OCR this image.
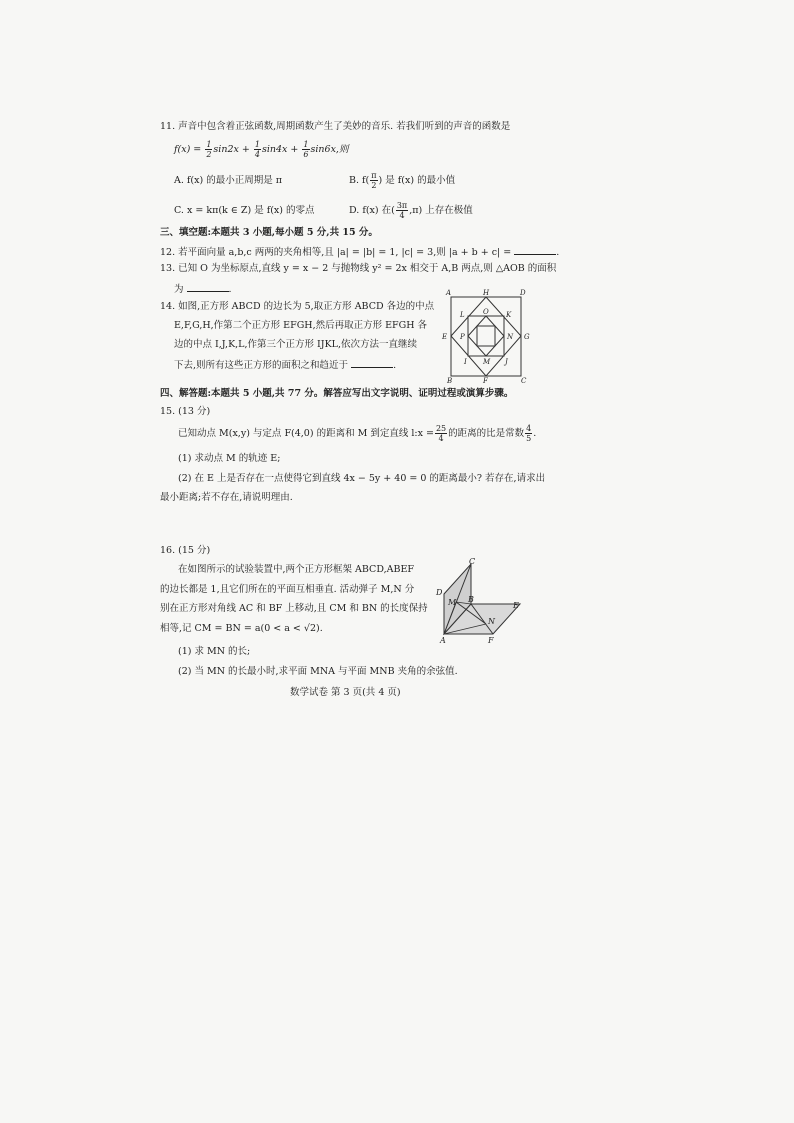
11. 声音中包含着正弦函数,周期函数产生了美妙的音乐. 若我们听到的声音的函数是
$f(x) = \frac{1}{2} \sin 2x + \frac{1}{4} \sin 4x + \frac{1}{6} \sin 6x$,则
A. f(x) 的最小正周期是 π	B. $f( \frac{\pi}{2}$ ) 是 f(x) 的最小值
C. x = kπ(k ∈ Z) 是 f(x) 的零点	D. f(x) 在( $\frac{3\pi}{4} ,\pi$) 上存在极值
三、填空题:本题共 3 小题,每小题 5 分,共 15 分。
12. 若平面向量 a,b,c 两两的夹角相等,且 |a| = |b| = 1, |c| = 3,则 |a + b + c| =	.
13. 已知 O 为坐标原点,直线 y = x − 2 与抛物线 y² = 2x 相交于 A,B 两点,则 △AOB 的面积
为	.
14. 如图,正方形 ABCD 的边长为 5,取正方形 ABCD 各边的中点
E,F,G,H,作第二个正方形 EFGH,然后再取正方形 EFGH 各
边的中点 I,J,K,L,作第三个正方形 IJKL,依次方法一直继续
下去,则所有这些正方形的面积之和趋近于	.
A	H	D
L	O K
E P	N G
I M J
B	F	C
四、解答题:本题共 5 小题,共 77 分。解答应写出文字说明、证明过程或演算步骤。
15. (13 分)
已知动点 M(x,y) 与定点 F(4,0) 的距离和 M 到定直线 l:x = $\frac{25}{4}$ 的距离的比是常数 $\frac{4}{5}$ .
(1) 求动点 M 的轨迹 E;
(2) 在 E 上是否存在一点使得它到直线 4x − 5y + 40 = 0 的距离最小? 若存在,请求出
最小距离;若不存在,请说明理由.
16. (15 分)
在如图所示的试验装置中,两个正方形框架 ABCD,ABEF
的边长都是 1,且它们所在的平面互相垂直. 活动弹子 M,N 分
别在正方形对角线 AC 和 BF 上移动,且 CM 和 BN 的长度保持
相等,记 CM = BN = a(0 < a < √2).
(1) 求 MN 的长;
(2) 当 MN 的长最小时,求平面 MNA 与平面 MNB 夹角的余弦值.
C
D
M B
E
N
A	F
数学试卷 第 3 页(共 4 页)
